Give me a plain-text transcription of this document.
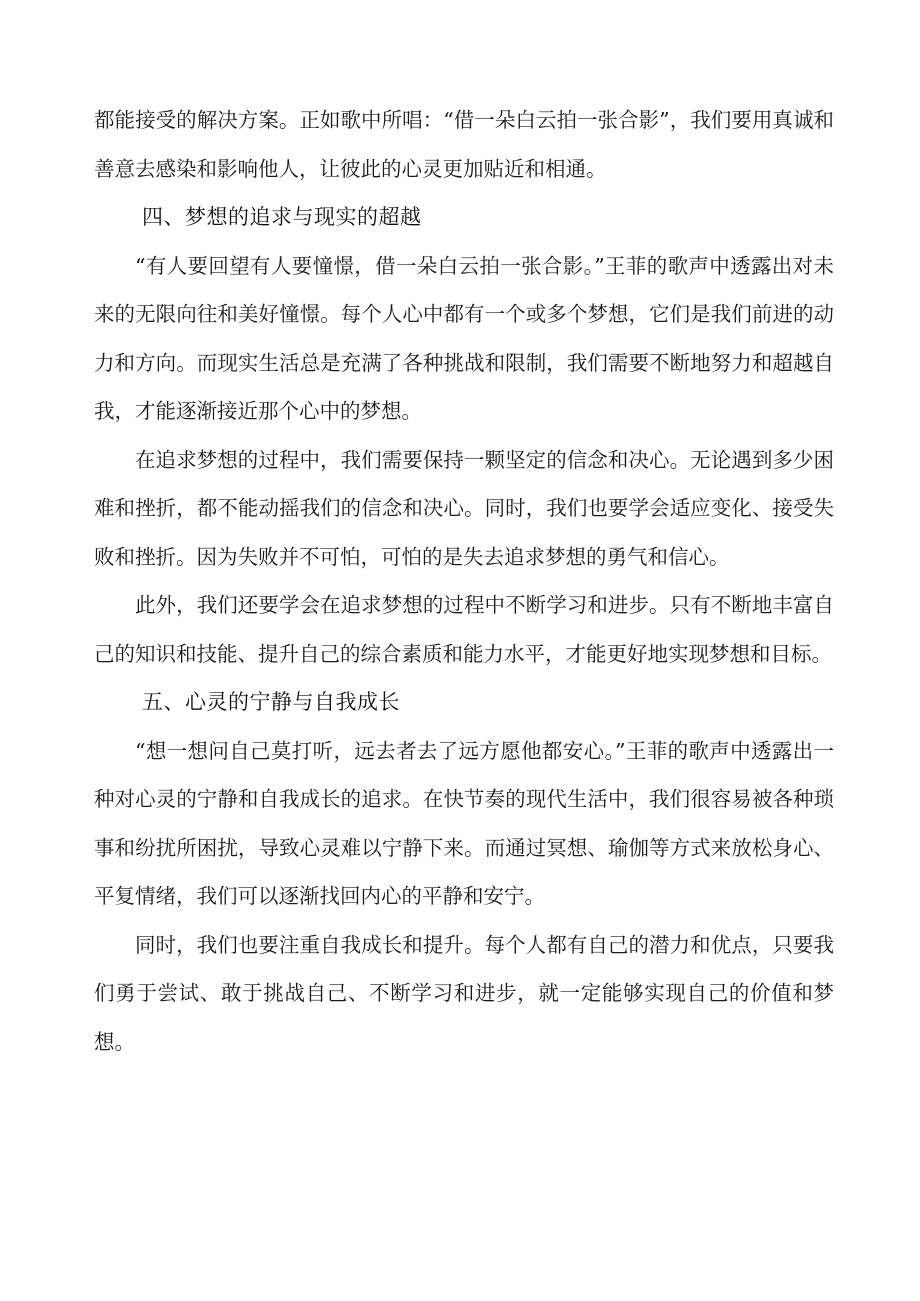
都能接受的解决方案。正如歌中所唱：“借一朵白云拍一张合影”，我们要用真诚和善意去感染和影响他人，让彼此的心灵更加贴近和相通。

四、梦想的追求与现实的超越

“有人要回望有人要憧憬，借一朵白云拍一张合影。”王菲的歌声中透露出对未来的无限向往和美好憧憬。每个人心中都有一个或多个梦想，它们是我们前进的动力和方向。而现实生活总是充满了各种挑战和限制，我们需要不断地努力和超越自我，才能逐渐接近那个心中的梦想。

在追求梦想的过程中，我们需要保持一颗坚定的信念和决心。无论遇到多少困难和挫折，都不能动摇我们的信念和决心。同时，我们也要学会适应变化、接受失败和挫折。因为失败并不可怕，可怕的是失去追求梦想的勇气和信心。

此外，我们还要学会在追求梦想的过程中不断学习和进步。只有不断地丰富自己的知识和技能、提升自己的综合素质和能力水平，才能更好地实现梦想和目标。

五、心灵的宁静与自我成长

“想一想问自己莫打听，远去者去了远方愿他都安心。”王菲的歌声中透露出一种对心灵的宁静和自我成长的追求。在快节奏的现代生活中，我们很容易被各种琐事和纷扰所困扰，导致心灵难以宁静下来。而通过冥想、瑜伽等方式来放松身心、平复情绪，我们可以逐渐找回内心的平静和安宁。

同时，我们也要注重自我成长和提升。每个人都有自己的潜力和优点，只要我们勇于尝试、敢于挑战自己、不断学习和进步，就一定能够实现自己的价值和梦想。
